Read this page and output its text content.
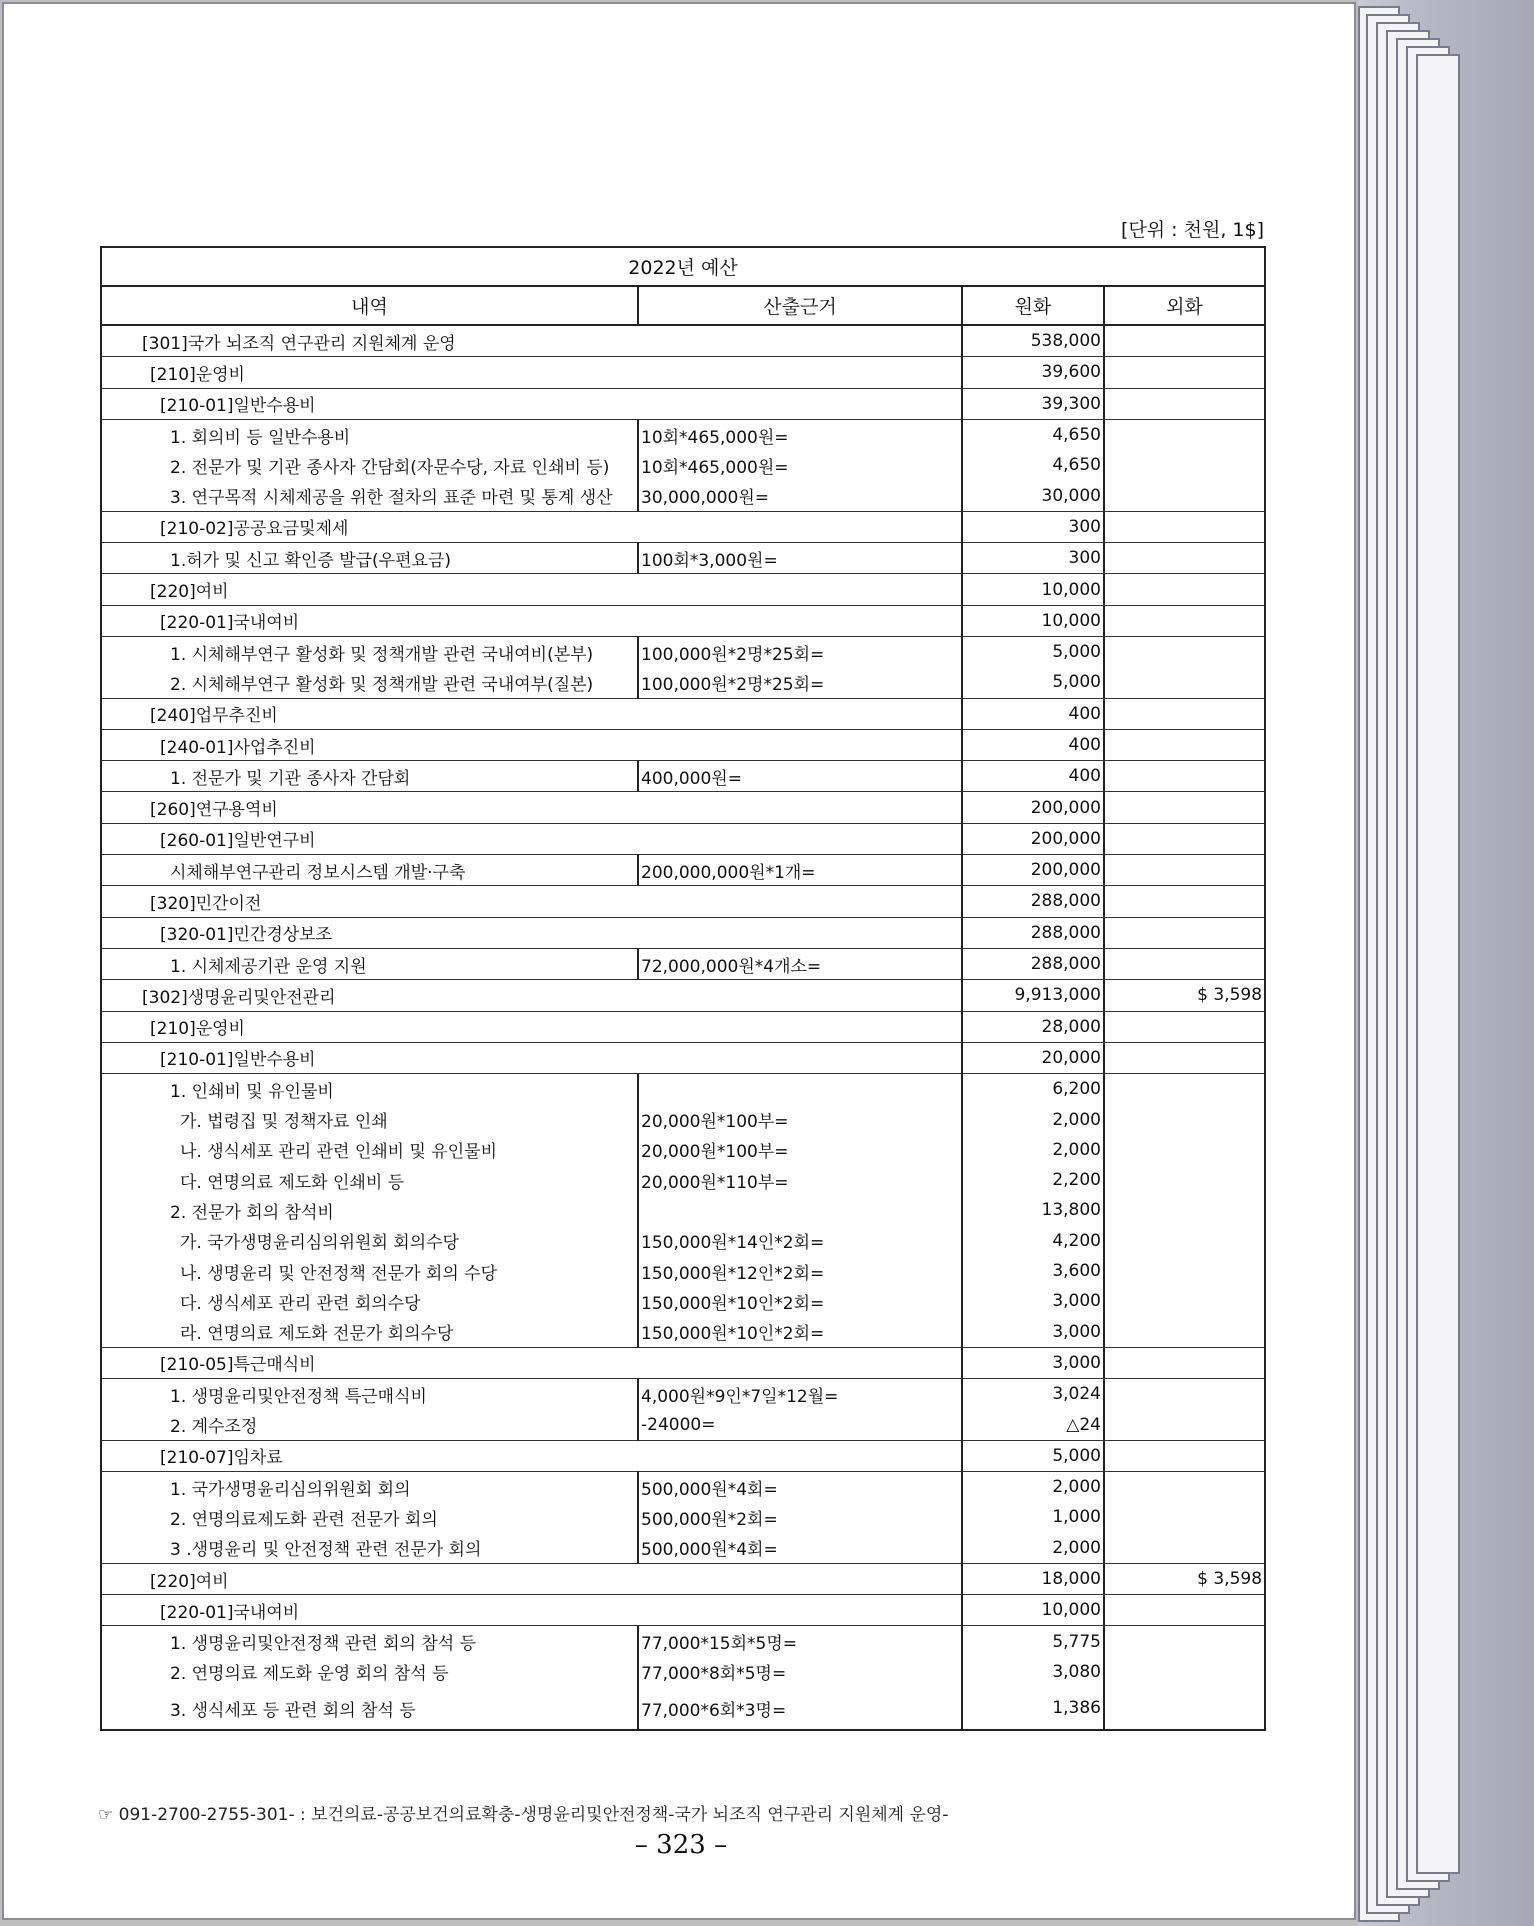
[단위 : 천원, 1$]
2022년 예산			
내역	산출근거	원화	외화
[301]국가 뇌조직 연구관리 지원체계 운영		538,000	
[210]운영비		39,600	
[210-01]일반수용비		39,300	
1. 회의비 등 일반수용비	10회*465,000원=	4,650	
2. 전문가 및 기관 종사자 간담회(자문수당, 자료 인쇄비 등)	10회*465,000원=	4,650	
3. 연구목적 시체제공을 위한 절차의 표준 마련 및 통계 생산	30,000,000원=	30,000	
[210-02]공공요금및제세		300	
1.허가 및 신고 확인증 발급(우편요금)	100회*3,000원=	300	
[220]여비		10,000	
[220-01]국내여비		10,000	
1. 시체해부연구 활성화 및 정책개발 관련 국내여비(본부)	100,000원*2명*25회=	5,000	
2. 시체해부연구 활성화 및 정책개발 관련 국내여부(질본)	100,000원*2명*25회=	5,000	
[240]업무추진비		400	
[240-01]사업추진비		400	
1. 전문가 및 기관 종사자 간담회	400,000원=	400	
[260]연구용역비		200,000	
[260-01]일반연구비		200,000	
시체해부연구관리 정보시스템 개발·구축	200,000,000원*1개=	200,000	
[320]민간이전		288,000	
[320-01]민간경상보조		288,000	
1. 시체제공기관 운영 지원	72,000,000원*4개소=	288,000	
[302]생명윤리및안전관리		9,913,000	$ 3,598
[210]운영비		28,000	
[210-01]일반수용비		20,000	
1. 인쇄비 및 유인물비		6,200	
가. 법령집 및 정책자료 인쇄	20,000원*100부=	2,000	
나. 생식세포 관리 관련 인쇄비 및 유인물비	20,000원*100부=	2,000	
다. 연명의료 제도화 인쇄비 등	20,000원*110부=	2,200	
2. 전문가 회의 참석비		13,800	
가. 국가생명윤리심의위원회 회의수당	150,000원*14인*2회=	4,200	
나. 생명윤리 및 안전정책 전문가 회의 수당	150,000원*12인*2회=	3,600	
다. 생식세포 관리 관련 회의수당	150,000원*10인*2회=	3,000	
라. 연명의료 제도화 전문가 회의수당	150,000원*10인*2회=	3,000	
[210-05]특근매식비		3,000	
1. 생명윤리및안전정책 특근매식비	4,000원*9인*7일*12월=	3,024	
2. 계수조정	-24000=	△24	
[210-07]임차료		5,000	
1. 국가생명윤리심의위원회 회의	500,000원*4회=	2,000	
2. 연명의료제도화 관련 전문가 회의	500,000원*2회=	1,000	
3 .생명윤리 및 안전정책 관련 전문가 회의	500,000원*4회=	2,000	
[220]여비		18,000	$ 3,598
[220-01]국내여비		10,000	
1. 생명윤리및안전정책 관련 회의 참석 등	77,000*15회*5명=	5,775	
2. 연명의료 제도화 운영 회의 참석 등	77,000*8회*5명=	3,080	
3. 생식세포 등 관련 회의 참석 등	77,000*6회*3명=	1,386	
☞ 091-2700-2755-301- : 보건의료-공공보건의료확충-생명윤리및안전정책-국가 뇌조직 연구관리 지원체계 운영-
– 323 –
